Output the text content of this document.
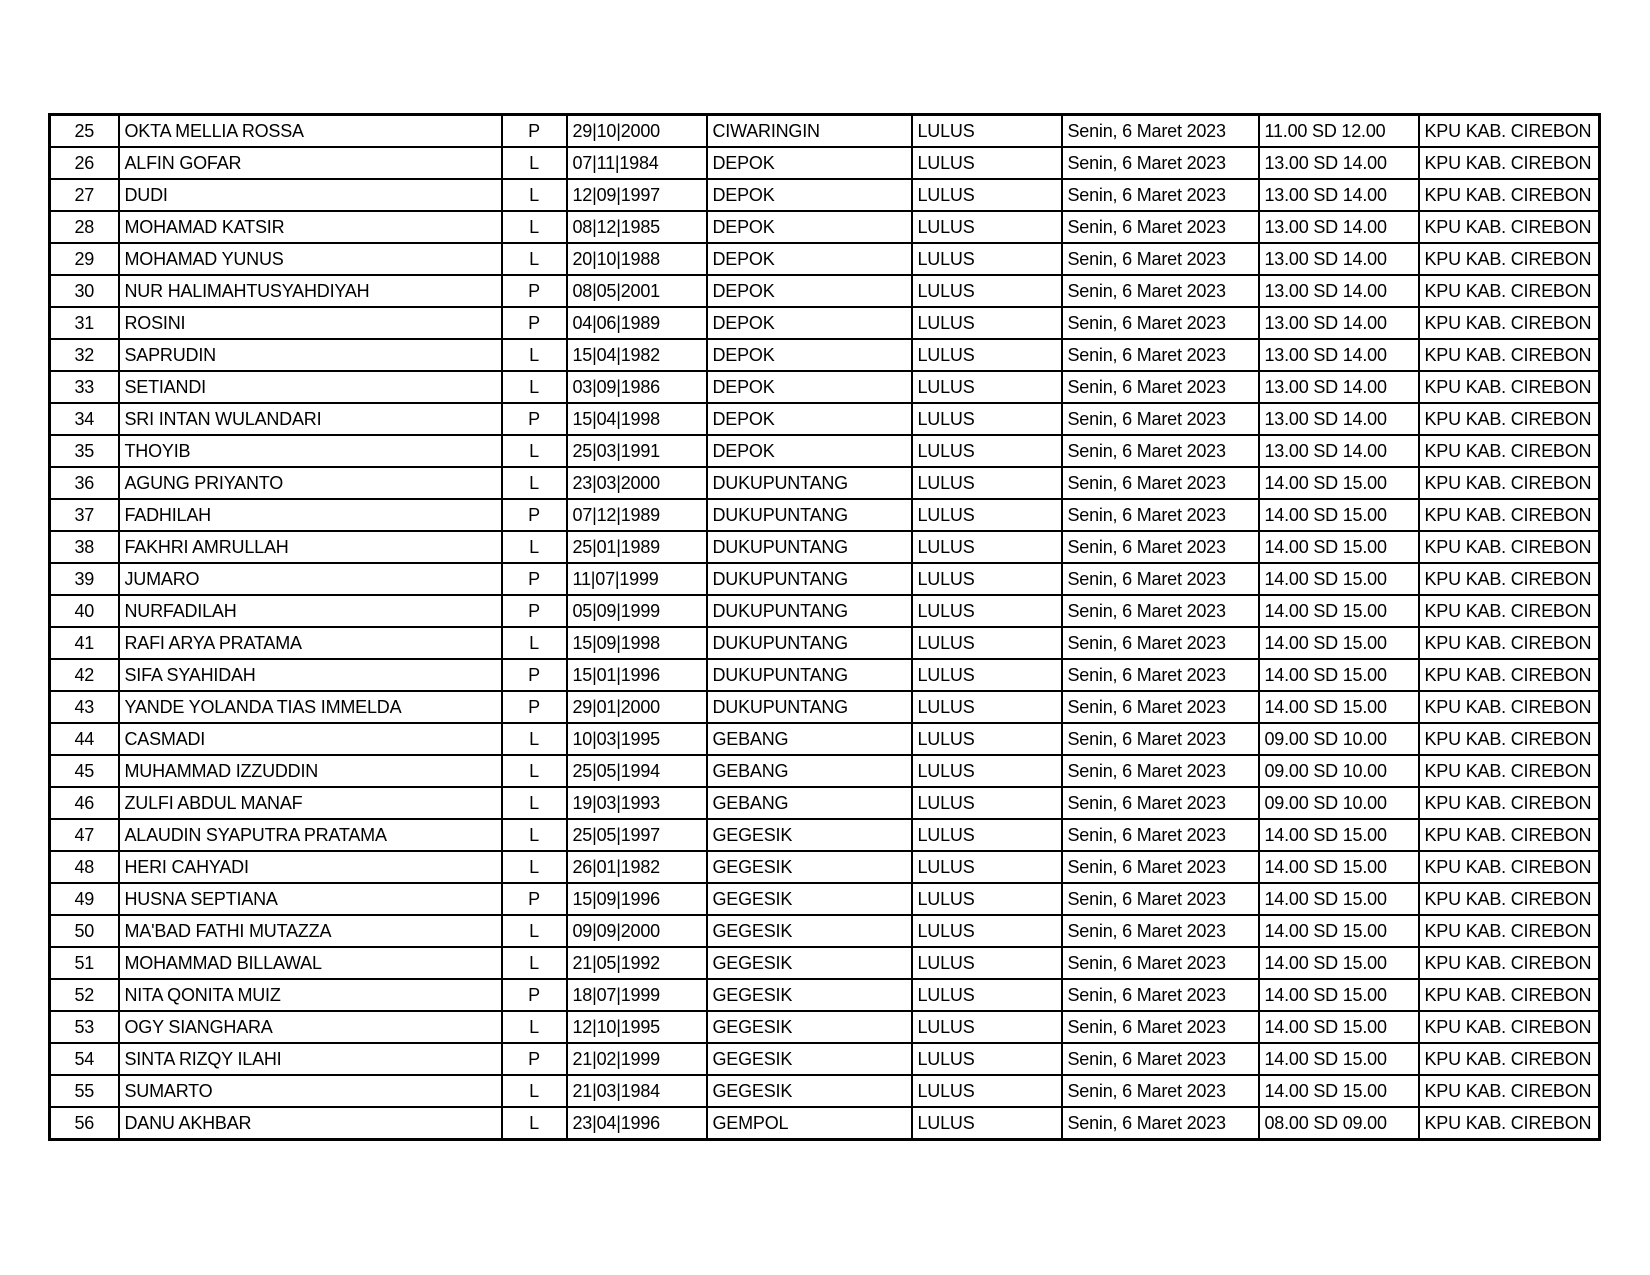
25	OKTA MELLIA ROSSA	P	29|10|2000	CIWARINGIN	LULUS	Senin, 6 Maret 2023	11.00 SD 12.00	KPU KAB. CIREBON
26	ALFIN GOFAR	L	07|11|1984	DEPOK	LULUS	Senin, 6 Maret 2023	13.00 SD 14.00	KPU KAB. CIREBON
27	DUDI	L	12|09|1997	DEPOK	LULUS	Senin, 6 Maret 2023	13.00 SD 14.00	KPU KAB. CIREBON
28	MOHAMAD KATSIR	L	08|12|1985	DEPOK	LULUS	Senin, 6 Maret 2023	13.00 SD 14.00	KPU KAB. CIREBON
29	MOHAMAD YUNUS	L	20|10|1988	DEPOK	LULUS	Senin, 6 Maret 2023	13.00 SD 14.00	KPU KAB. CIREBON
30	NUR HALIMAHTUSYAHDIYAH	P	08|05|2001	DEPOK	LULUS	Senin, 6 Maret 2023	13.00 SD 14.00	KPU KAB. CIREBON
31	ROSINI	P	04|06|1989	DEPOK	LULUS	Senin, 6 Maret 2023	13.00 SD 14.00	KPU KAB. CIREBON
32	SAPRUDIN	L	15|04|1982	DEPOK	LULUS	Senin, 6 Maret 2023	13.00 SD 14.00	KPU KAB. CIREBON
33	SETIANDI	L	03|09|1986	DEPOK	LULUS	Senin, 6 Maret 2023	13.00 SD 14.00	KPU KAB. CIREBON
34	SRI INTAN WULANDARI	P	15|04|1998	DEPOK	LULUS	Senin, 6 Maret 2023	13.00 SD 14.00	KPU KAB. CIREBON
35	THOYIB	L	25|03|1991	DEPOK	LULUS	Senin, 6 Maret 2023	13.00 SD 14.00	KPU KAB. CIREBON
36	AGUNG PRIYANTO	L	23|03|2000	DUKUPUNTANG	LULUS	Senin, 6 Maret 2023	14.00 SD 15.00	KPU KAB. CIREBON
37	FADHILAH	P	07|12|1989	DUKUPUNTANG	LULUS	Senin, 6 Maret 2023	14.00 SD 15.00	KPU KAB. CIREBON
38	FAKHRI AMRULLAH	L	25|01|1989	DUKUPUNTANG	LULUS	Senin, 6 Maret 2023	14.00 SD 15.00	KPU KAB. CIREBON
39	JUMARO	P	11|07|1999	DUKUPUNTANG	LULUS	Senin, 6 Maret 2023	14.00 SD 15.00	KPU KAB. CIREBON
40	NURFADILAH	P	05|09|1999	DUKUPUNTANG	LULUS	Senin, 6 Maret 2023	14.00 SD 15.00	KPU KAB. CIREBON
41	RAFI ARYA PRATAMA	L	15|09|1998	DUKUPUNTANG	LULUS	Senin, 6 Maret 2023	14.00 SD 15.00	KPU KAB. CIREBON
42	SIFA SYAHIDAH	P	15|01|1996	DUKUPUNTANG	LULUS	Senin, 6 Maret 2023	14.00 SD 15.00	KPU KAB. CIREBON
43	YANDE YOLANDA TIAS IMMELDA	P	29|01|2000	DUKUPUNTANG	LULUS	Senin, 6 Maret 2023	14.00 SD 15.00	KPU KAB. CIREBON
44	CASMADI	L	10|03|1995	GEBANG	LULUS	Senin, 6 Maret 2023	09.00 SD 10.00	KPU KAB. CIREBON
45	MUHAMMAD IZZUDDIN	L	25|05|1994	GEBANG	LULUS	Senin, 6 Maret 2023	09.00 SD 10.00	KPU KAB. CIREBON
46	ZULFI ABDUL MANAF	L	19|03|1993	GEBANG	LULUS	Senin, 6 Maret 2023	09.00 SD 10.00	KPU KAB. CIREBON
47	ALAUDIN SYAPUTRA PRATAMA	L	25|05|1997	GEGESIK	LULUS	Senin, 6 Maret 2023	14.00 SD 15.00	KPU KAB. CIREBON
48	HERI CAHYADI	L	26|01|1982	GEGESIK	LULUS	Senin, 6 Maret 2023	14.00 SD 15.00	KPU KAB. CIREBON
49	HUSNA SEPTIANA	P	15|09|1996	GEGESIK	LULUS	Senin, 6 Maret 2023	14.00 SD 15.00	KPU KAB. CIREBON
50	MA'BAD FATHI MUTAZZA	L	09|09|2000	GEGESIK	LULUS	Senin, 6 Maret 2023	14.00 SD 15.00	KPU KAB. CIREBON
51	MOHAMMAD BILLAWAL	L	21|05|1992	GEGESIK	LULUS	Senin, 6 Maret 2023	14.00 SD 15.00	KPU KAB. CIREBON
52	NITA QONITA MUIZ	P	18|07|1999	GEGESIK	LULUS	Senin, 6 Maret 2023	14.00 SD 15.00	KPU KAB. CIREBON
53	OGY SIANGHARA	L	12|10|1995	GEGESIK	LULUS	Senin, 6 Maret 2023	14.00 SD 15.00	KPU KAB. CIREBON
54	SINTA RIZQY ILAHI	P	21|02|1999	GEGESIK	LULUS	Senin, 6 Maret 2023	14.00 SD 15.00	KPU KAB. CIREBON
55	SUMARTO	L	21|03|1984	GEGESIK	LULUS	Senin, 6 Maret 2023	14.00 SD 15.00	KPU KAB. CIREBON
56	DANU AKHBAR	L	23|04|1996	GEMPOL	LULUS	Senin, 6 Maret 2023	08.00 SD 09.00	KPU KAB. CIREBON
